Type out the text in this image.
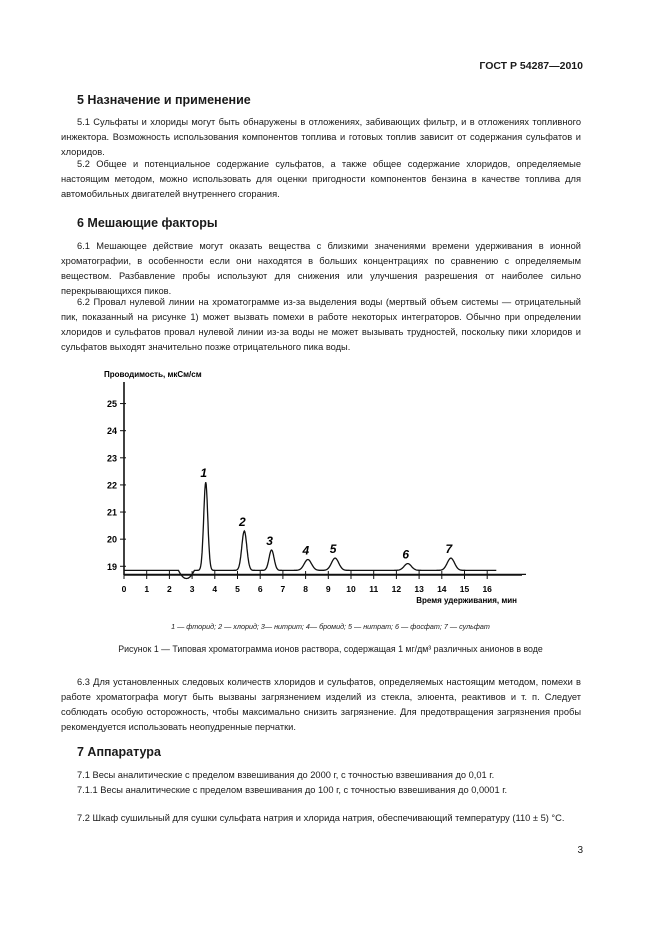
ГОСТ Р 54287—2010
5 Назначение и применение

5.1 Сульфаты и хлориды могут быть обнаружены в отложениях, забивающих фильтр, и в отложениях топливного инжектора. Возможность использования компонентов топлива и готовых топлив зависит от содержания сульфатов и хлоридов.

5.2 Общее и потенциальное содержание сульфатов, а также общее содержание хлоридов, определяемые настоящим методом, можно использовать для оценки пригодности компонентов бензина в качестве топлива для автомобильных двигателей внутреннего сгорания.

6 Мешающие факторы

6.1 Мешающее действие могут оказать вещества с близкими значениями времени удерживания в ионной хроматографии, в особенности если они находятся в больших концентрациях по сравнению с определяемым веществом. Разбавление пробы используют для снижения или улучшения разрешения от наиболее сильно перекрывающихся пиков.

6.2 Провал нулевой линии на хроматограмме из-за выделения воды (мертвый объем системы — отрицательный пик, показанный на рисунке 1) может вызвать помехи в работе некоторых интеграторов. Обычно при определении хлоридов и сульфатов провал нулевой линии из-за воды не может вызывать трудностей, поскольку пики хлоридов и сульфатов выходят значительно позже отрицательного пика воды.

19
20
21
22
23
24
25
0 1 2 3 4 5 6 7 8 9 10 11 12 13 14 15 16
Проводимость, мкСм/см
Время удерживания, мин
1
2
3
4 5	6	7
1 — фторид; 2 — хлорид; 3— нитрит; 4— бромид; 5 — нитрат; 6 — фосфат; 7 — сульфат
Рисунок 1 — Типовая хроматограмма ионов раствора, содержащая 1 мг/дм³ различных анионов в воде

6.3 Для установленных следовых количеств хлоридов и сульфатов, определяемых настоящим методом, помехи в работе хроматографа могут быть вызваны загрязнением изделий из стекла, элюента, реактивов и т. п. Следует соблюдать особую осторожность, чтобы максимально снизить загрязнение. Для предотвращения загрязнения пробы рекомендуется использовать неопудренные перчатки.

7 Аппаратура

7.1 Весы аналитические с пределом взвешивания до 2000 г, с точностью взвешивания до 0,01 г.

7.1.1 Весы аналитические с пределом взвешивания до 100 г, с точностью взвешивания до 0,0001 г.

7.2 Шкаф сушильный для сушки сульфата натрия и хлорида натрия, обеспечивающий температуру (110 ± 5) °С.

3
